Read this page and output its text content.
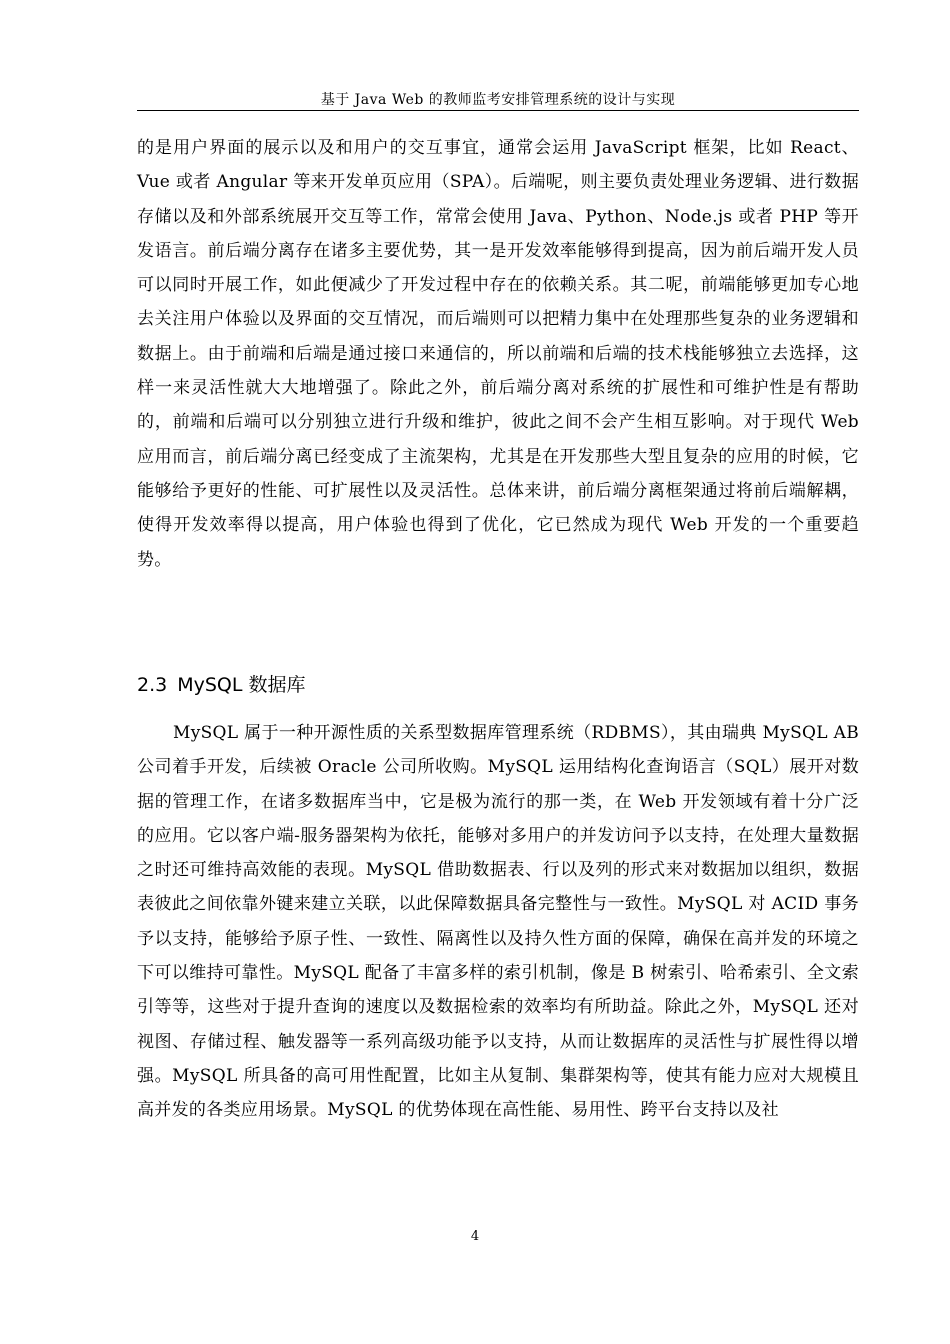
基于 Java Web 的教师监考安排管理系统的设计与实现

的是用户界面的展示以及和用户的交互事宜，通常会运用 JavaScript 框架，比如 React、Vue 或者 Angular 等来开发单页应用（SPA）。后端呢，则主要负责处理业务逻辑、进行数据存储以及和外部系统展开交互等工作，常常会使用 Java、Python、Node.js 或者 PHP 等开发语言。前后端分离存在诸多主要优势，其一是开发效率能够得到提高，因为前后端开发人员可以同时开展工作，如此便减少了开发过程中存在的依赖关系。其二呢，前端能够更加专心地去关注用户体验以及界面的交互情况，而后端则可以把精力集中在处理那些复杂的业务逻辑和数据上。由于前端和后端是通过接口来通信的，所以前端和后端的技术栈能够独立去选择，这样一来灵活性就大大地增强了。除此之外，前后端分离对系统的扩展性和可维护性是有帮助的，前端和后端可以分别独立进行升级和维护，彼此之间不会产生相互影响。对于现代 Web 应用而言，前后端分离已经变成了主流架构，尤其是在开发那些大型且复杂的应用的时候，它能够给予更好的性能、可扩展性以及灵活性。总体来讲，前后端分离框架通过将前后端解耦，使得开发效率得以提高，用户体验也得到了优化，它已然成为现代 Web 开发的一个重要趋势。

2.3 MySQL 数据库

MySQL 属于一种开源性质的关系型数据库管理系统（RDBMS），其由瑞典 MySQL AB 公司着手开发，后续被 Oracle 公司所收购。MySQL 运用结构化查询语言（SQL）展开对数据的管理工作，在诸多数据库当中，它是极为流行的那一类，在 Web 开发领域有着十分广泛的应用。它以客户端-服务器架构为依托，能够对多用户的并发访问予以支持，在处理大量数据之时还可维持高效能的表现。MySQL 借助数据表、行以及列的形式来对数据加以组织，数据表彼此之间依靠外键来建立关联，以此保障数据具备完整性与一致性。MySQL 对 ACID 事务予以支持，能够给予原子性、一致性、隔离性以及持久性方面的保障，确保在高并发的环境之下可以维持可靠性。MySQL 配备了丰富多样的索引机制，像是 B 树索引、哈希索引、全文索引等等，这些对于提升查询的速度以及数据检索的效率均有所助益。除此之外，MySQL 还对视图、存储过程、触发器等一系列高级功能予以支持，从而让数据库的灵活性与扩展性得以增强。MySQL 所具备的高可用性配置，比如主从复制、集群架构等，使其有能力应对大规模且高并发的各类应用场景。MySQL 的优势体现在高性能、易用性、跨平台支持以及社

4
